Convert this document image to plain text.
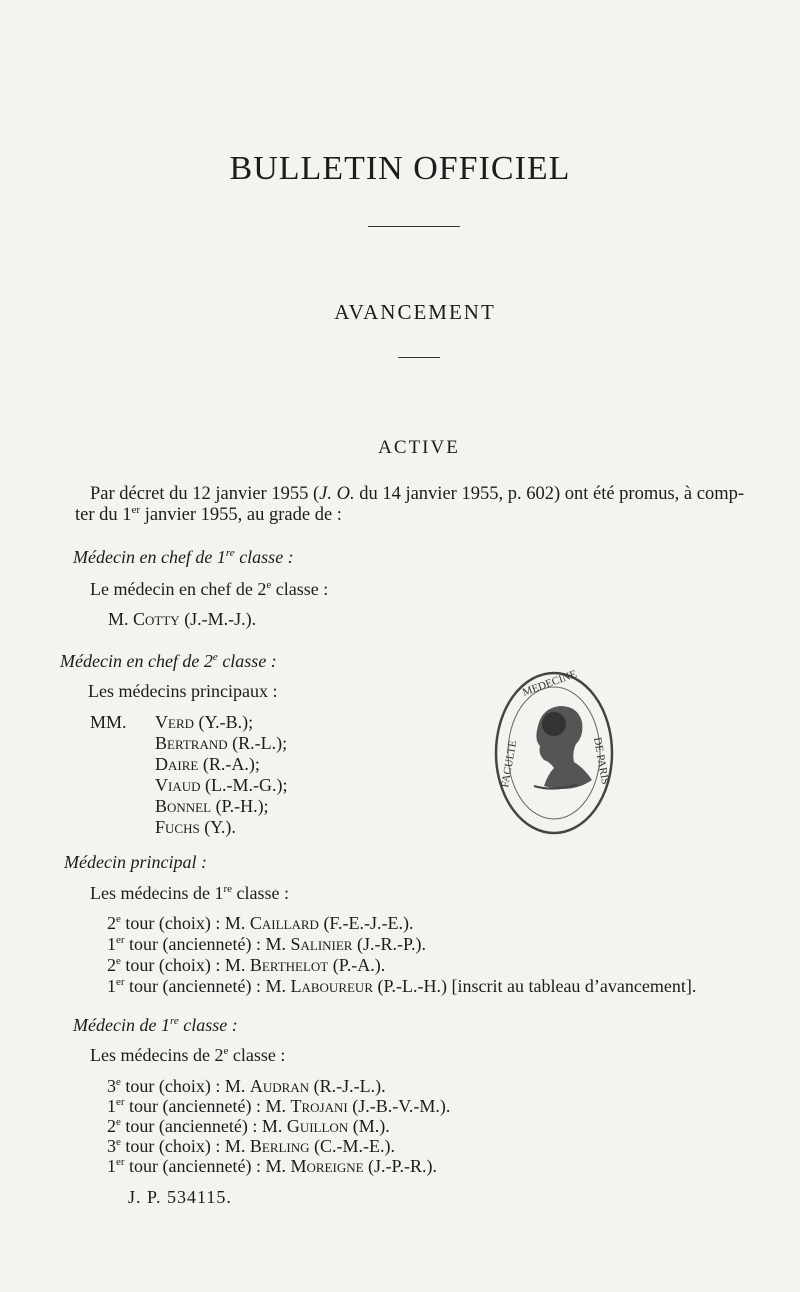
BULLETIN OFFICIEL
AVANCEMENT
ACTIVE
Par décret du 12 janvier 1955 (J. O. du 14 janvier 1955, p. 602) ont été promus, à comp-
ter du 1er janvier 1955, au grade de :
Médecin en chef de 1re classe :
Le médecin en chef de 2e classe :
M. Cotty (J.-M.-J.).
Médecin en chef de 2e classe :
Les médecins principaux :
MM. Verd (Y.-B.);
Bertrand (R.-L.);
Daire (R.-A.);
Viaud (L.-M.-G.);
Bonnel (P.-H.);
Fuchs (Y.).
MEDECINE
DE PARIS
FACULTE
Médecin principal :
Les médecins de 1re classe :
2e tour (choix) : M. Caillard (F.-E.-J.-E.).
1er tour (ancienneté) : M. Salinier (J.-R.-P.).
2e tour (choix) : M. Berthelot (P.-A.).
1er tour (ancienneté) : M. Laboureur (P.-L.-H.) [inscrit au tableau d’avancement].
Médecin de 1re classe :
Les médecins de 2e classe :
3e tour (choix) : M. Audran (R.-J.-L.).
1er tour (ancienneté) : M. Trojani (J.-B.-V.-M.).
2e tour (ancienneté) : M. Guillon (M.).
3e tour (choix) : M. Berling (C.-M.-E.).
1er tour (ancienneté) : M. Moreigne (J.-P.-R.).
J. P. 534115.
